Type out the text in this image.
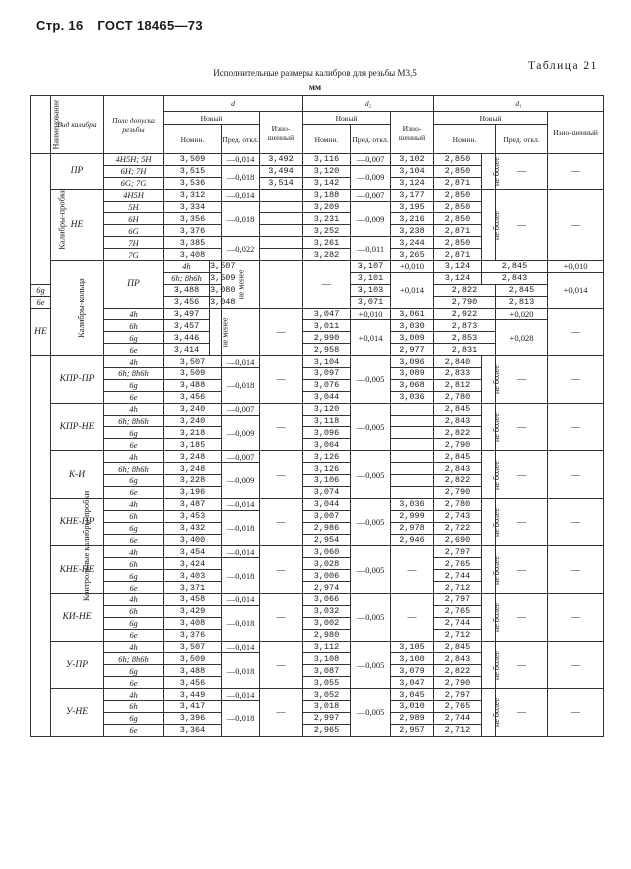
Стр. 16 ГОСТ 18465—73
Таблица 21
Исполнительные размеры калибров для резьбы М3,5
мм
Наименование	Вид калибра	Поле допуска резьбы	d				d₂			d₁				
			Новый			Изно-шенный	Новый		Изно-шенный	Новый			Изно-шенный	
			Номин.		Пред. откл.		Номин.	Пред. откл.		Номин.		Пред. откл.		
Калибры-пробки	ПР	4H5H; 5H	3,509		—0,014	3,492	3,116	—0,007	3,102	2,850	не более	—	—	
		6H; 7H	3,515		—0,018	3,494	3,120	—0,009	3,104	2,850				
		6G; 7G	3,536			3,514	3,142		3,124	2,871				
	НЕ	4H5H	3,312		—0,014		3,188	—0,007	3,177	2,850	не более	—	—	
		5H	3,334		—0,018		3,209	—0,009	3,195	2,850				
		6H	3,356				3,231		3,216	2,850				
		6G	3,376				3,252		3,238	2,871				
		7H	3,385		—0,022		3,261	—0,011	3,244	2,850				
		7G	3,408				3,282		3,265	2,871				
	Калибры-кольца	ПР	4h	3,507	не менее		—	3,107	+0,010	3,124	2,845		+0,010	
			6h; 8h6h	3,509				3,101	+0,014	3,124	2,843		+0,014	
6g			3,488	3,080				3,103		2,822		2,845		
6e			3,456	3,048				3,071		2,790		2,813		
НЕ		4h	3,497	не менее		—	3,047	+0,010	3,061	2,922		+0,020	—	
		6h	3,457				3,011	+0,014	3,030	2,873		+0,028		
		6g	3,446				2,990		3,009	2,853				
		6e	3,414				2,958		2,977	2,831				
Контрольные калибры-пробки	КПР-ПР	4h	3,507		—0,014	—	3,104	—0,005	3,096	2,840	не более	—	—	
		6h; 8h6h	3,509		—0,018		3,097		3,089	2,833				
		6g	3,488				3,076		3,068	2,812				
		6e	3,456				3,044		3,036	2,780				
	КПР-НЕ	4h	3,240		—0,007	—	3,120	—0,005		2,845	не более	—	—	
		6h; 8h6h	3,240		—0,009		3,118			2,843				
		6g	3,218				3,096			2,822				
		6e	3,185				3,064			2,790				
	К-И	4h	3,248		—0,007	—	3,126	—0,005		2,845	не более	—	—	
		6h; 8h6h	3,248		—0,009		3,126			2,843				
		6g	3,228				3,106			2,822				
		6e	3,196				3,074			2,790				
	КНЕ-ПР	4h	3,487		—0,014	—	3,044	—0,005	3,036	2,780	не более	—	—	
		6h	3,453		—0,018		3,007		2,999	2,743				
		6g	3,432				2,986		2,978	2,722				
		6e	3,400				2,954		2,946	2,690				
	КНЕ-НЕ	4h	3,454		—0,014	—	3,060	—0,005	—	2,797	не более	—	—	
		6h	3,424		—0,018		3,028			2,765				
		6g	3,403				3,006			2,744				
		6e	3,371				2,974			2,712				
	КИ-НЕ	4h	3,458		—0,014	—	3,066	—0,005	—	2,797	не более	—	—	
		6h	3,429		—0,018		3,032			2,765				
		6g	3,408				3,002			2,744				
		6e	3,376				2,980			2,712				
	У-ПР	4h	3,507		—0,014	—	3,112	—0,005	3,105	2,845	не более	—	—	
		6h; 8h6h	3,509		—0,018		3,108		3,100	2,843				
		6g	3,488				3,087		3,079	2,822				
		6e	3,456				3,055		3,047	2,790				
	У-НЕ	4h	3,449		—0,014	—	3,052	—0,005	3,045	2,797	не более	—	—	
		6h	3,417		—0,018		3,018		3,010	2,765				
		6g	3,396				2,997		2,989	2,744				
		6e	3,364				2,965		2,957	2,712				
